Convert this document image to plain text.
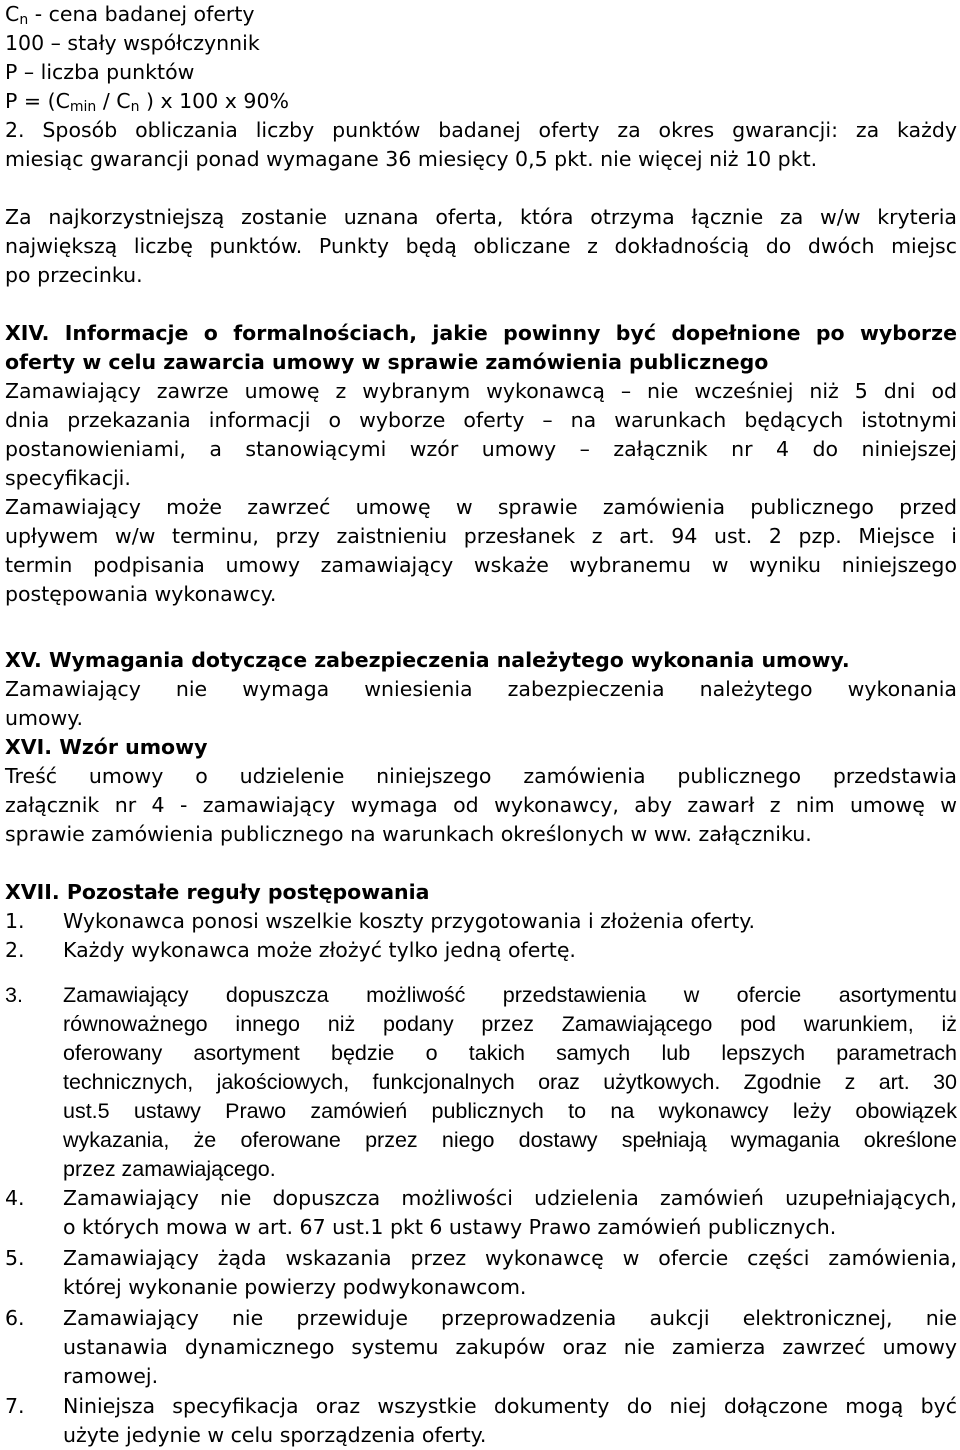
$C_n$ - cena badanej oferty
100 – stały współczynnik
P – liczba punktów
$P = (C_{min} / C_n$ ) x 100 x 90%
2. Sposób obliczania liczby punktów badanej oferty za okres gwarancji: za każdy
miesiąc gwarancji ponad wymagane 36 miesięcy 0,5 pkt. nie więcej niż 10 pkt.
Za najkorzystniejszą zostanie uznana oferta, która otrzyma łącznie za w/w kryteria
największą liczbę punktów. Punkty będą obliczane z dokładnością do dwóch miejsc
po przecinku.
XIV. Informacje o formalnościach, jakie powinny być dopełnione po wyborze
oferty w celu zawarcia umowy w sprawie zamówienia publicznego
Zamawiający zawrze umowę z wybranym wykonawcą – nie wcześniej niż 5 dni od
dnia przekazania informacji o wyborze oferty – na warunkach będących istotnymi
postanowieniami, a stanowiącymi wzór umowy – załącznik nr 4 do niniejszej
specyfikacji.
Zamawiający może zawrzeć umowę w sprawie zamówienia publicznego przed
upływem w/w terminu, przy zaistnieniu przesłanek z art. 94 ust. 2 pzp. Miejsce i
termin podpisania umowy zamawiający wskaże wybranemu w wyniku niniejszego
postępowania wykonawcy.
XV. Wymagania dotyczące zabezpieczenia należytego wykonania umowy.
Zamawiający nie wymaga wniesienia zabezpieczenia należytego wykonania
umowy.
XVI. Wzór umowy
Treść umowy o udzielenie niniejszego zamówienia publicznego przedstawia
załącznik nr 4 - zamawiający wymaga od wykonawcy, aby zawarł z nim umowę w
sprawie zamówienia publicznego na warunkach określonych w ww. załączniku.
XVII. Pozostałe reguły postępowania
1. Wykonawca ponosi wszelkie koszty przygotowania i złożenia oferty.
2. Każdy wykonawca może złożyć tylko jedną ofertę.
3. Zamawiający dopuszcza możliwość przedstawienia w ofercie asortymentu
równoważnego innego niż podany przez Zamawiającego pod warunkiem, iż
oferowany asortyment będzie o takich samych lub lepszych parametrach
technicznych, jakościowych, funkcjonalnych oraz użytkowych. Zgodnie z art. 30
ust.5 ustawy Prawo zamówień publicznych to na wykonawcy leży obowiązek
wykazania, że oferowane przez niego dostawy spełniają wymagania określone
przez zamawiającego.
4. Zamawiający nie dopuszcza możliwości udzielenia zamówień uzupełniających,
o których mowa w art. 67 ust.1 pkt 6 ustawy Prawo zamówień publicznych.
5. Zamawiający żąda wskazania przez wykonawcę w ofercie części zamówienia,
której wykonanie powierzy podwykonawcom.
6. Zamawiający nie przewiduje przeprowadzenia aukcji elektronicznej, nie
ustanawia dynamicznego systemu zakupów oraz nie zamierza zawrzeć umowy
ramowej.
7. Niniejsza specyfikacja oraz wszystkie dokumenty do niej dołączone mogą być
użyte jedynie w celu sporządzenia oferty.
